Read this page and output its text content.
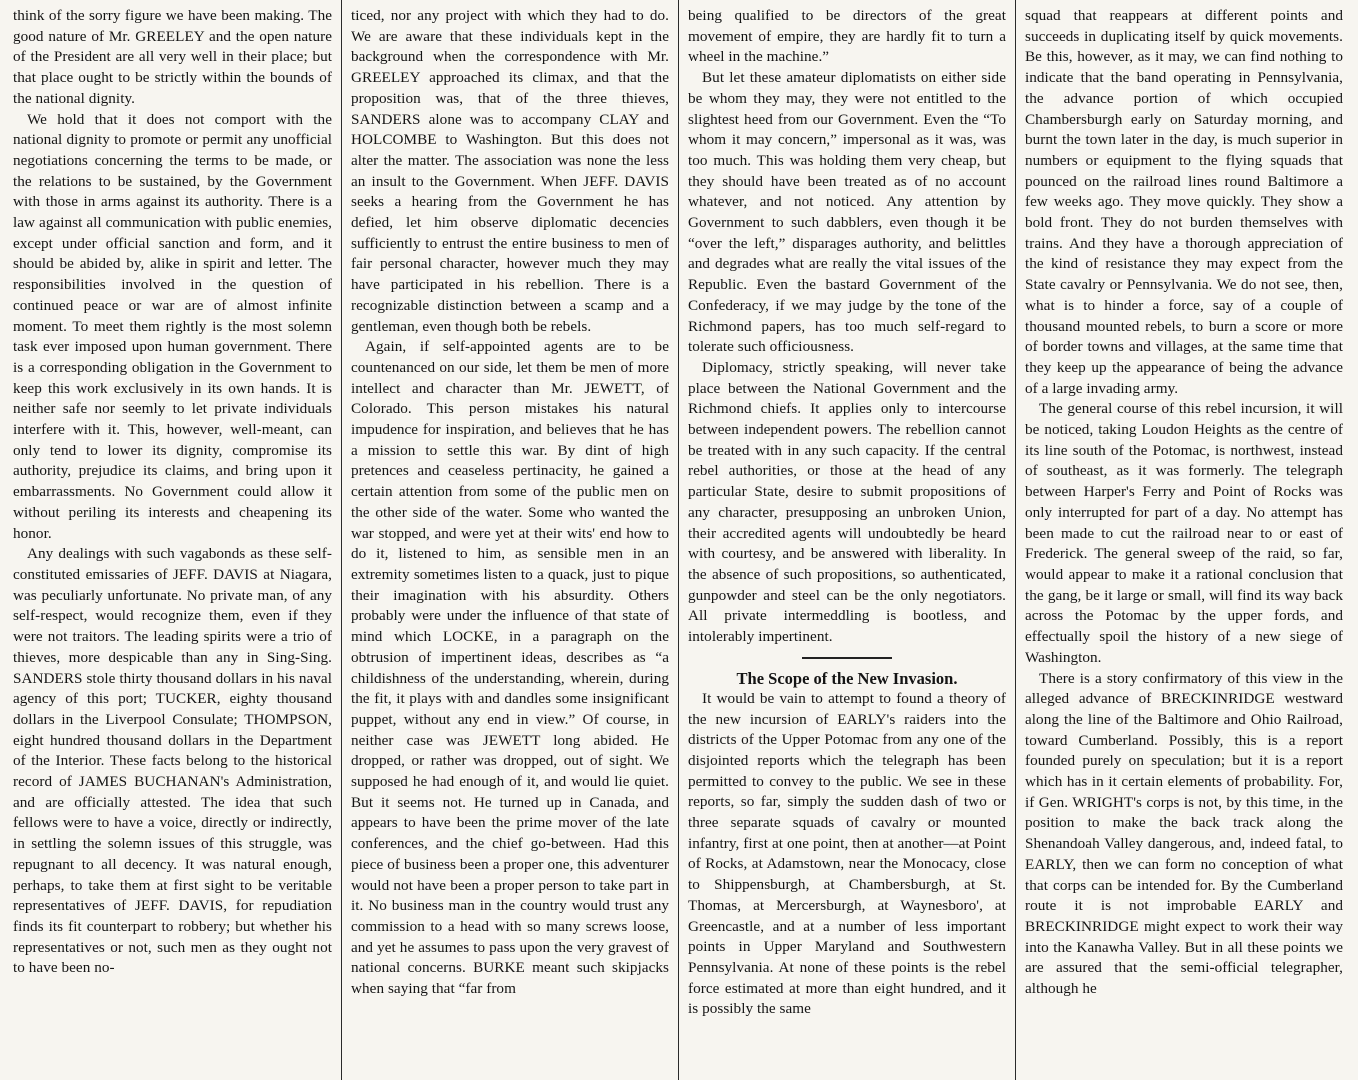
think of the sorry figure we have been making. The good nature of Mr. GREELEY and the open nature of the President are all very well in their place; but that place ought to be strictly within the bounds of the national dignity.

We hold that it does not comport with the national dignity to promote or permit any unofficial negotiations concerning the terms to be made, or the relations to be sustained, by the Government with those in arms against its authority. There is a law against all communication with public enemies, except under official sanction and form, and it should be abided by, alike in spirit and letter. The responsibilities involved in the question of continued peace or war are of almost infinite moment. To meet them rightly is the most solemn task ever imposed upon human government. There is a corresponding obligation in the Government to keep this work exclusively in its own hands. It is neither safe nor seemly to let private individuals interfere with it. This, however, well-meant, can only tend to lower its dignity, compromise its authority, prejudice its claims, and bring upon it embarrassments. No Government could allow it without periling its interests and cheapening its honor.

Any dealings with such vagabonds as these self-constituted emissaries of JEFF. DAVIS at Niagara, was peculiarly unfortunate. No private man, of any self-respect, would recognize them, even if they were not traitors. The leading spirits were a trio of thieves, more despicable than any in Sing-Sing. SANDERS stole thirty thousand dollars in his naval agency of this port; TUCKER, eighty thousand dollars in the Liverpool Consulate; THOMPSON, eight hundred thousand dollars in the Department of the Interior. These facts belong to the historical record of JAMES BUCHANAN's Administration, and are officially attested. The idea that such fellows were to have a voice, directly or indirectly, in settling the solemn issues of this struggle, was repugnant to all decency. It was natural enough, perhaps, to take them at first sight to be veritable representatives of JEFF. DAVIS, for repudiation finds its fit counterpart to robbery; but whether his representatives or not, such men as they ought not to have been no-

ticed, nor any project with which they had to do. We are aware that these individuals kept in the background when the correspondence with Mr. GREELEY approached its climax, and that the proposition was, that of the three thieves, SANDERS alone was to accompany CLAY and HOLCOMBE to Washington. But this does not alter the matter. The association was none the less an insult to the Government. When JEFF. DAVIS seeks a hearing from the Government he has defied, let him observe diplomatic decencies sufficiently to entrust the entire business to men of fair personal character, however much they may have participated in his rebellion. There is a recognizable distinction between a scamp and a gentleman, even though both be rebels.

Again, if self-appointed agents are to be countenanced on our side, let them be men of more intellect and character than Mr. JEWETT, of Colorado. This person mistakes his natural impudence for inspiration, and believes that he has a mission to settle this war. By dint of high pretences and ceaseless pertinacity, he gained a certain attention from some of the public men on the other side of the water. Some who wanted the war stopped, and were yet at their wits' end how to do it, listened to him, as sensible men in an extremity sometimes listen to a quack, just to pique their imagination with his absurdity. Others probably were under the influence of that state of mind which LOCKE, in a paragraph on the obtrusion of impertinent ideas, describes as “a childishness of the understanding, wherein, during the fit, it plays with and dandles some insignificant puppet, without any end in view.” Of course, in neither case was JEWETT long abided. He dropped, or rather was dropped, out of sight. We supposed he had enough of it, and would lie quiet. But it seems not. He turned up in Canada, and appears to have been the prime mover of the late conferences, and the chief go-between. Had this piece of business been a proper one, this adventurer would not have been a proper person to take part in it. No business man in the country would trust any commission to a head with so many screws loose, and yet he assumes to pass upon the very gravest of national concerns. BURKE meant such skipjacks when saying that “far from

being qualified to be directors of the great movement of empire, they are hardly fit to turn a wheel in the machine.”

But let these amateur diplomatists on either side be whom they may, they were not entitled to the slightest heed from our Government. Even the “To whom it may concern,” impersonal as it was, was too much. This was holding them very cheap, but they should have been treated as of no account whatever, and not noticed. Any attention by Government to such dabblers, even though it be “over the left,” disparages authority, and belittles and degrades what are really the vital issues of the Republic. Even the bastard Government of the Confederacy, if we may judge by the tone of the Richmond papers, has too much self-regard to tolerate such officiousness.

Diplomacy, strictly speaking, will never take place between the National Government and the Richmond chiefs. It applies only to intercourse between independent powers. The rebellion cannot be treated with in any such capacity. If the central rebel authorities, or those at the head of any particular State, desire to submit propositions of any character, presupposing an unbroken Union, their accredited agents will undoubtedly be heard with courtesy, and be answered with liberality. In the absence of such propositions, so authenticated, gunpowder and steel can be the only negotiators. All private intermeddling is bootless, and intolerably impertinent.

The Scope of the New Invasion.

It would be vain to attempt to found a theory of the new incursion of EARLY's raiders into the districts of the Upper Potomac from any one of the disjointed reports which the telegraph has been permitted to convey to the public. We see in these reports, so far, simply the sudden dash of two or three separate squads of cavalry or mounted infantry, first at one point, then at another—at Point of Rocks, at Adamstown, near the Monocacy, close to Shippensburgh, at Chambersburgh, at St. Thomas, at Mercersburgh, at Waynesboro', at Greencastle, and at a number of less important points in Upper Maryland and Southwestern Pennsylvania. At none of these points is the rebel force estimated at more than eight hundred, and it is possibly the same

squad that reappears at different points and succeeds in duplicating itself by quick movements. Be this, however, as it may, we can find nothing to indicate that the band operating in Pennsylvania, the advance portion of which occupied Chambersburgh early on Saturday morning, and burnt the town later in the day, is much superior in numbers or equipment to the flying squads that pounced on the railroad lines round Baltimore a few weeks ago. They move quickly. They show a bold front. They do not burden themselves with trains. And they have a thorough appreciation of the kind of resistance they may expect from the State cavalry or Pennsylvania. We do not see, then, what is to hinder a force, say of a couple of thousand mounted rebels, to burn a score or more of border towns and villages, at the same time that they keep up the appearance of being the advance of a large invading army.

The general course of this rebel incursion, it will be noticed, taking Loudon Heights as the centre of its line south of the Potomac, is northwest, instead of southeast, as it was formerly. The telegraph between Harper's Ferry and Point of Rocks was only interrupted for part of a day. No attempt has been made to cut the railroad near to or east of Frederick. The general sweep of the raid, so far, would appear to make it a rational conclusion that the gang, be it large or small, will find its way back across the Potomac by the upper fords, and effectually spoil the history of a new siege of Washington.

There is a story confirmatory of this view in the alleged advance of BRECKINRIDGE westward along the line of the Baltimore and Ohio Railroad, toward Cumberland. Possibly, this is a report founded purely on speculation; but it is a report which has in it certain elements of probability. For, if Gen. WRIGHT's corps is not, by this time, in the position to make the back track along the Shenandoah Valley dangerous, and, indeed fatal, to EARLY, then we can form no conception of what that corps can be intended for. By the Cumberland route it is not improbable EARLY and BRECKINRIDGE might expect to work their way into the Kanawha Valley. But in all these points we are assured that the semi-official telegrapher, although he
